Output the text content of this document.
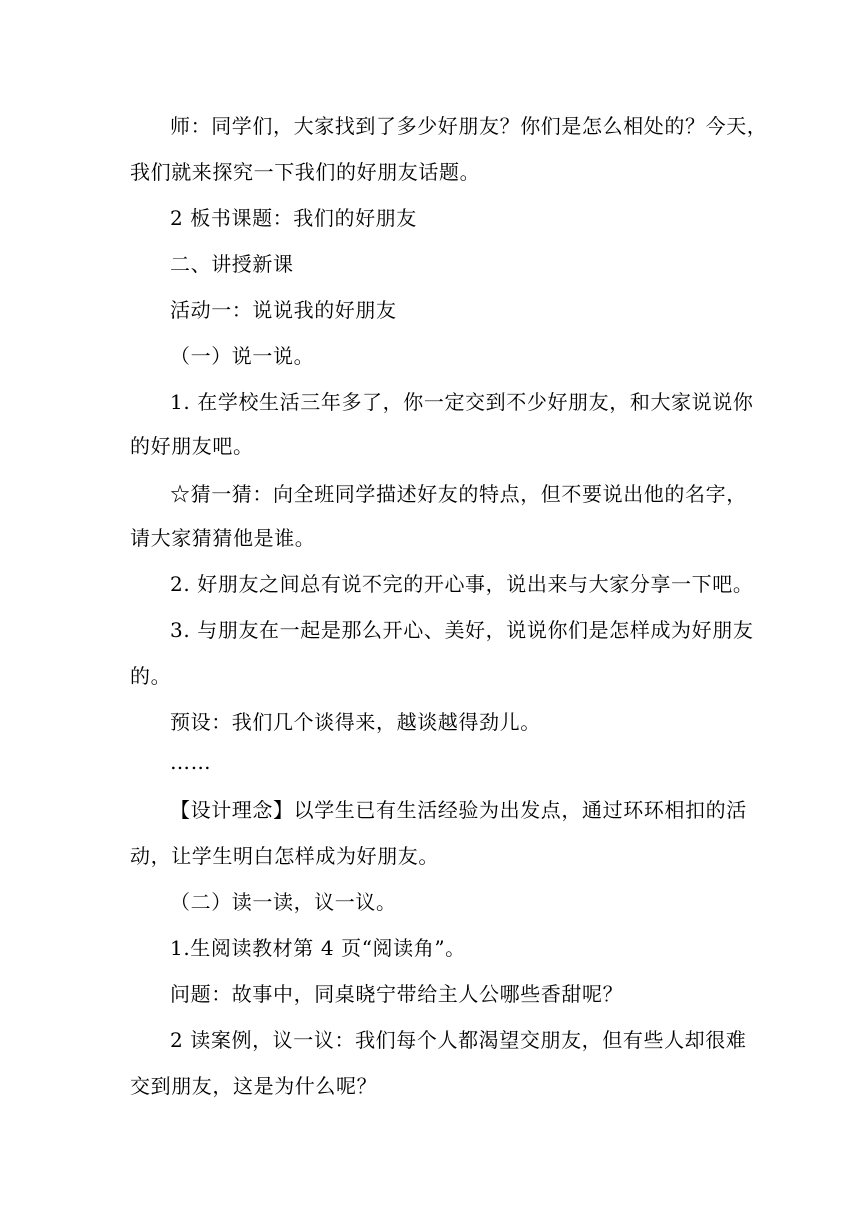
师：同学们，大家找到了多少好朋友？你们是怎么相处的？今天，
我们就来探究一下我们的好朋友话题。
2 板书课题：我们的好朋友
二、讲授新课
活动一：说说我的好朋友
（一）说一说。
1. 在学校生活三年多了，你一定交到不少好朋友，和大家说说你
的好朋友吧。
☆猜一猜：向全班同学描述好友的特点，但不要说出他的名字，
请大家猜猜他是谁。
2. 好朋友之间总有说不完的开心事，说出来与大家分享一下吧。
3. 与朋友在一起是那么开心、美好，说说你们是怎样成为好朋友
的。
预设：我们几个谈得来，越谈越得劲儿。
……
【设计理念】以学生已有生活经验为出发点，通过环环相扣的活
动，让学生明白怎样成为好朋友。
（二）读一读，议一议。
1.生阅读教材第 4 页“阅读角”。
问题：故事中，同桌晓宁带给主人公哪些香甜呢？
2 读案例，议一议：我们每个人都渴望交朋友，但有些人却很难
交到朋友，这是为什么呢？
